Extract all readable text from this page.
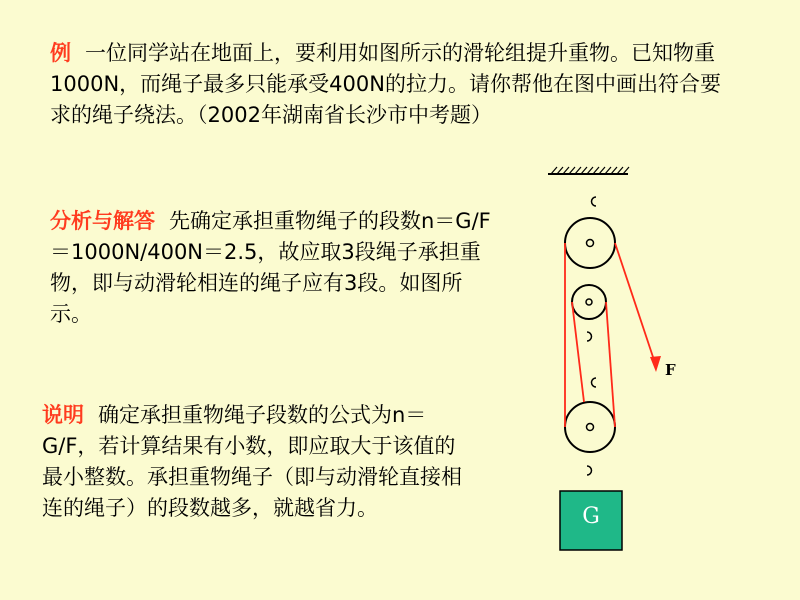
例 一位同学站在地面上，要利用如图所示的滑轮组提升重物。已知物重1000N，而绳子最多只能承受400N的拉力。请你帮他在图中画出符合要求的绳子绕法。（2002年湖南省长沙市中考题）

分析与解答 先确定承担重物绳子的段数n＝G/F＝1000N/400N＝2.5，故应取3段绳子承担重物，即与动滑轮相连的绳子应有3段。如图所示。

说明 确定承担重物绳子段数的公式为n＝G/F，若计算结果有小数，即应取大于该值的最小整数。承担重物绳子（即与动滑轮直接相连的绳子）的段数越多，就越省力。

F
G
